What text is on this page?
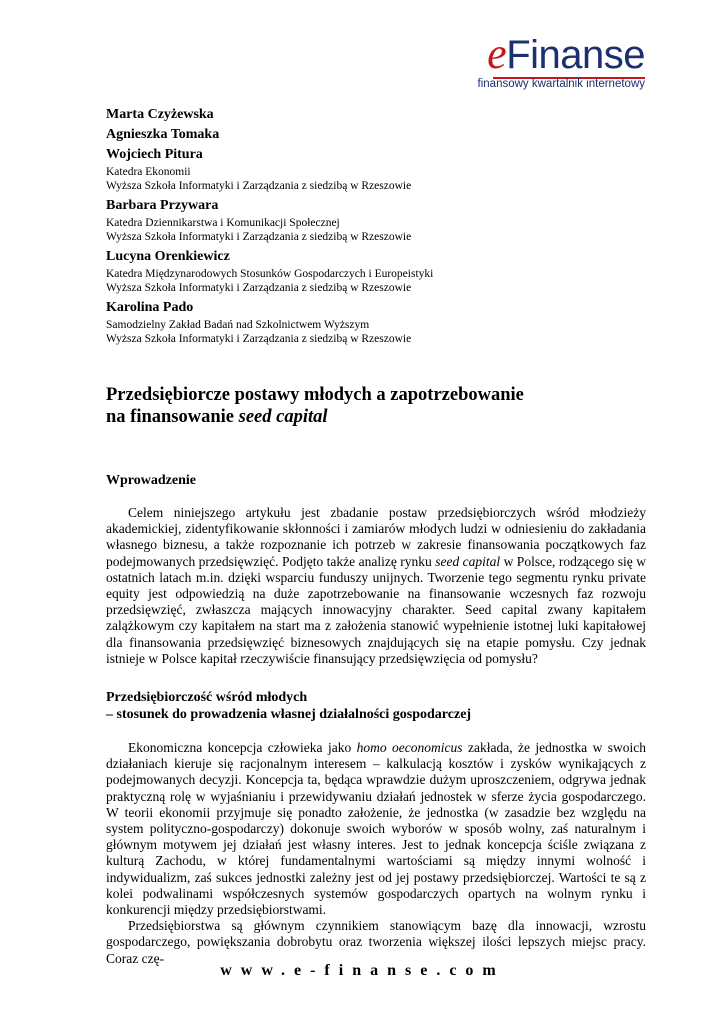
eFinanse
finansowy kwartalnik internetowy
Marta Czyżewska
Agnieszka Tomaka
Wojciech Pitura
Katedra Ekonomii
Wyższa Szkoła Informatyki i Zarządzania z siedzibą w Rzeszowie
Barbara Przywara
Katedra Dziennikarstwa i Komunikacji Społecznej
Wyższa Szkoła Informatyki i Zarządzania z siedzibą w Rzeszowie
Lucyna Orenkiewicz
Katedra Międzynarodowych Stosunków Gospodarczych i Europeistyki
Wyższa Szkoła Informatyki i Zarządzania z siedzibą w Rzeszowie
Karolina Pado
Samodzielny Zakład Badań nad Szkolnictwem Wyższym
Wyższa Szkoła Informatyki i Zarządzania z siedzibą w Rzeszowie
Przedsiębiorcze postawy młodych a zapotrzebowanie
na finansowanie seed capital
Wprowadzenie

Celem niniejszego artykułu jest zbadanie postaw przedsiębiorczych wśród młodzieży akademickiej, zidentyfikowanie skłonności i zamiarów młodych ludzi w odniesieniu do zakładania własnego biznesu, a także rozpoznanie ich potrzeb w zakresie finansowania początkowych faz podejmowanych przedsięwzięć. Podjęto także analizę rynku seed capital w Polsce, rodzącego się w ostatnich latach m.in. dzięki wsparciu funduszy unijnych. Tworzenie tego segmentu rynku private equity jest odpowiedzią na duże zapotrzebowanie na finansowanie wczesnych faz rozwoju przedsięwzięć, zwłaszcza mających innowacyjny charakter. Seed capital zwany kapitałem zalążkowym czy kapitałem na start ma z założenia stanowić wypełnienie istotnej luki kapitałowej dla finansowania przedsięwzięć biznesowych znajdujących się na etapie pomysłu. Czy jednak istnieje w Polsce kapitał rzeczywiście finansujący przedsięwzięcia od pomysłu?

Przedsiębiorczość wśród młodych
– stosunek do prowadzenia własnej działalności gospodarczej

Ekonomiczna koncepcja człowieka jako homo oeconomicus zakłada, że jednostka w swoich działaniach kieruje się racjonalnym interesem – kalkulacją kosztów i zysków wynikających z podejmowanych decyzji. Koncepcja ta, będąca wprawdzie dużym uproszczeniem, odgrywa jednak praktyczną rolę w wyjaśnianiu i przewidywaniu działań jednostek w sferze życia gospodarczego. W teorii ekonomii przyjmuje się ponadto założenie, że jednostka (w zasadzie bez względu na system polityczno-gospodarczy) dokonuje swoich wyborów w sposób wolny, zaś naturalnym i głównym motywem jej działań jest własny interes. Jest to jednak koncepcja ściśle związana z kulturą Zachodu, w której fundamentalnymi wartościami są między innymi wolność i indywidualizm, zaś sukces jednostki zależny jest od jej postawy przedsiębiorczej. Wartości te są z kolei podwalinami współczesnych systemów gospodarczych opartych na wolnym rynku i konkurencji między przedsiębiorstwami.

Przedsiębiorstwa są głównym czynnikiem stanowiącym bazę dla innowacji, wzrostu gospodarczego, powiększania dobrobytu oraz tworzenia większej ilości lepszych miejsc pracy. Coraz czę-

www.e-finanse.com
